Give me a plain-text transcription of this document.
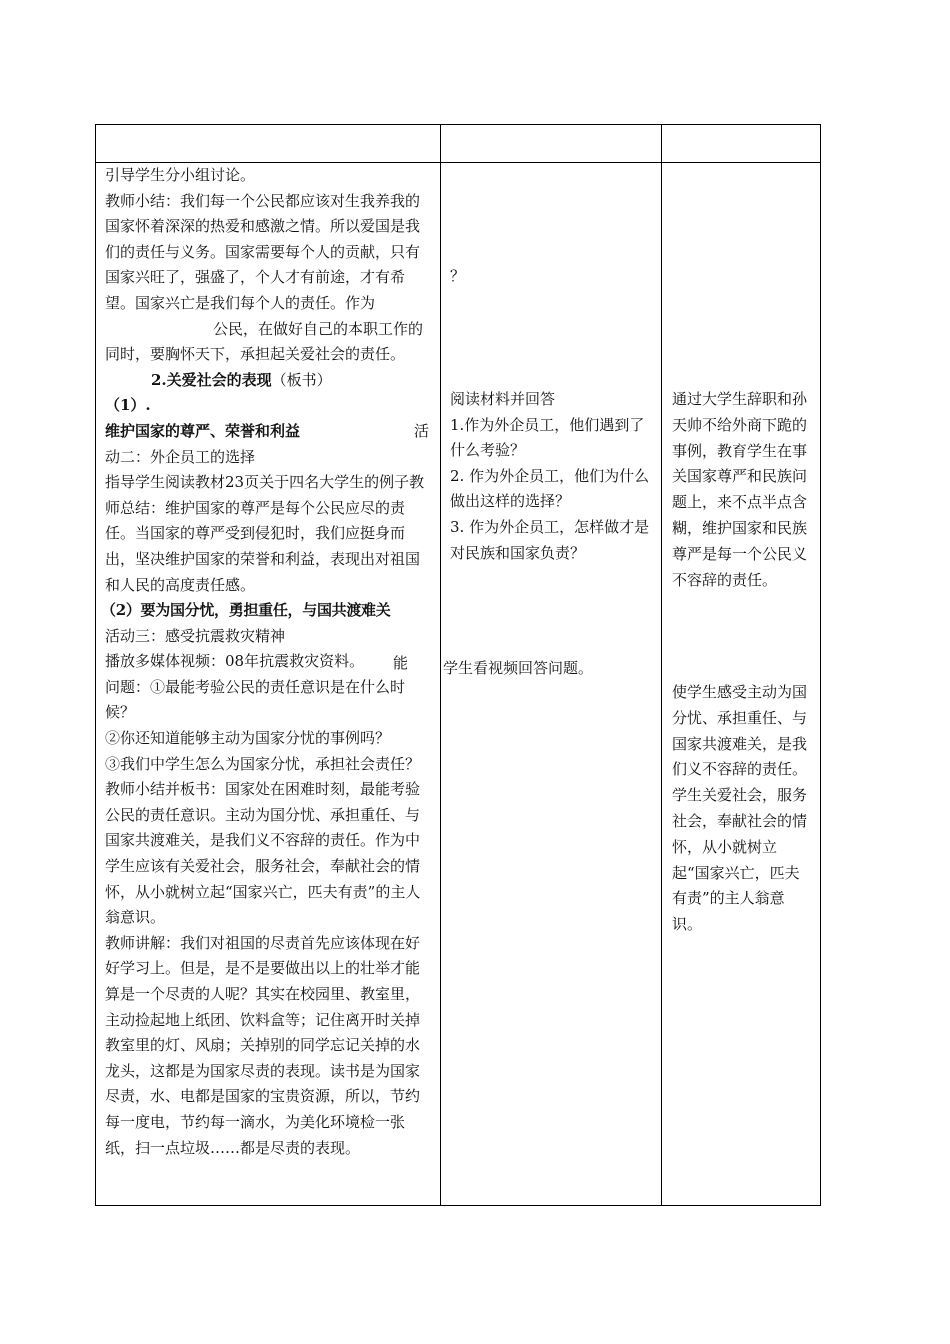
引导学生分小组讨论。
教师小结：我们每一个公民都应该对生我养我的国家怀着深深的热爱和感激之情。所以爱国是我们的责任与义务。国家需要每个人的贡献，只有国家兴旺了，强盛了，个人才有前途，才有希望。国家兴亡是我们每个人的责任。作为公民，在做好自己的本职工作的同时，要胸怀天下，承担起关爱社会的责任。2.关爱社会的表现（板书）（1）.
维护国家的尊严、荣誉和利益	活
动二：外企员工的选择
指导学生阅读教材23页关于四名大学生的例子教师总结：维护国家的尊严是每个公民应尽的责任。当国家的尊严受到侵犯时，我们应挺身而出，坚决维护国家的荣誉和利益，表现出对祖国和人民的高度责任感。
（2）要为国分忧，勇担重任，与国共渡难关
活动三：感受抗震救灾精神
播放多媒体视频：08年抗震救灾资料。
问题：①最能考验公民的责任意识是在什么时候？
②你还知道能够主动为国家分忧的事例吗？
③我们中学生怎么为国家分忧，承担社会责任？
教师小结并板书：国家处在困难时刻，最能考验公民的责任意识。主动为国分忧、承担重任、与国家共渡难关，是我们义不容辞的责任。作为中学生应该有关爱社会，服务社会，奉献社会的情怀，从小就树立起“国家兴亡，匹夫有责”的主人翁意识。
教师讲解：我们对祖国的尽责首先应该体现在好好学习上。但是，是不是要做出以上的壮举才能算是一个尽责的人呢？其实在校园里、教室里，主动捡起地上纸团、饮料盒等；记住离开时关掉教室里的灯、风扇；关掉别的同学忘记关掉的水龙头，这都是为国家尽责的表现。读书是为国家尽责，水、电都是国家的宝贵资源，所以，节约每一度电，节约每一滴水，为美化环境检一张纸，扫一点垃圾……都是尽责的表现。
能
？
阅读材料并回答
1.作为外企员工，他们遇到了什么考验？
2. 作为外企员工，他们为什么做出这样的选择？
3. 作为外企员工，怎样做才是对民族和国家负责？
学生看视频回答问题。
通过大学生辞职和孙天帅不给外商下跪的事例，教育学生在事关国家尊严和民族问题上，来不点半点含糊，维护国家和民族尊严是每一个公民义不容辞的责任。
使学生感受主动为国分忧、承担重任、与国家共渡难关，是我们义不容辞的责任。学生关爱社会，服务社会，奉献社会的情怀，从小就树立起“国家兴亡，匹夫有责”的主人翁意识。
